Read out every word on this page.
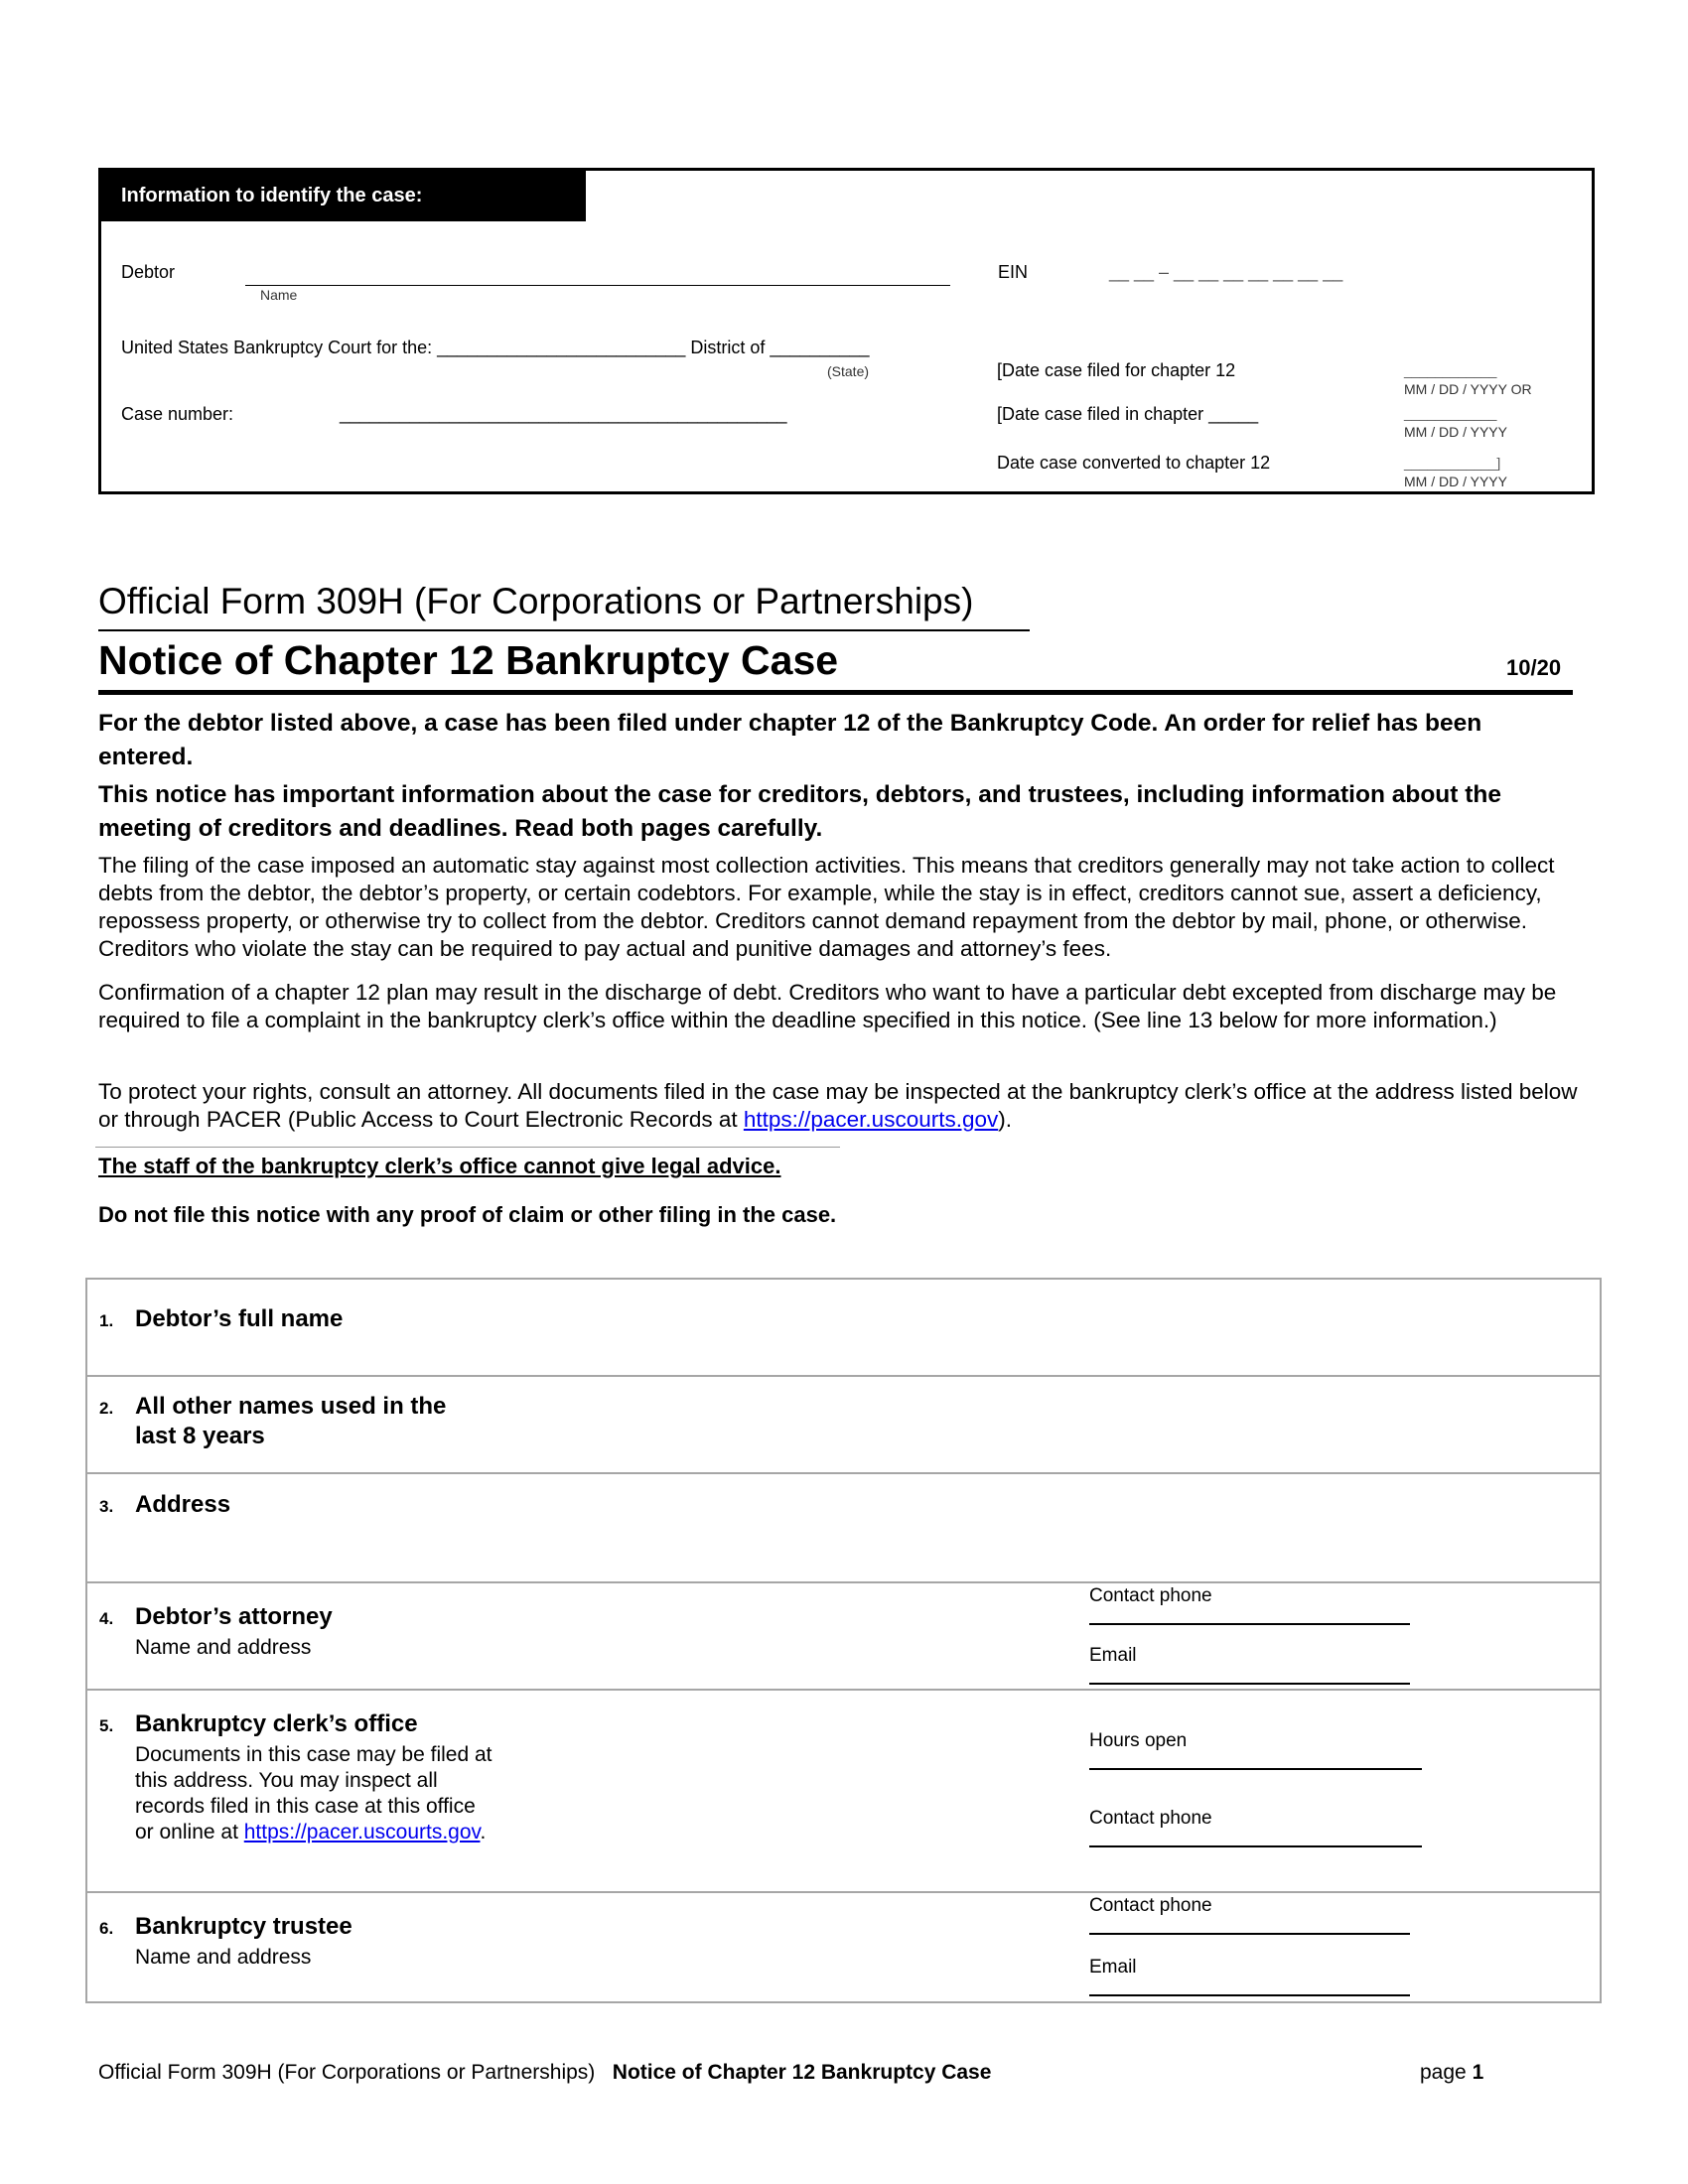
Information to identify the case:
Debtor
Name
EIN	__ __ – __ __ __ __ __ __ __
United States Bankruptcy Court for the: _________________________ District of __________
(State)
Case number:	_____________________________________________
[Date case filed for chapter 12	____________
MM / DD / YYYY OR
[Date case filed in chapter _____	____________
MM / DD / YYYY
Date case converted to chapter 12	____________]
MM / DD / YYYY
Official Form 309H (For Corporations or Partnerships)
Notice of Chapter 12 Bankruptcy Case	10/20
For the debtor listed above, a case has been filed under chapter 12 of the Bankruptcy Code. An order for relief has been entered.
This notice has important information about the case for creditors, debtors, and trustees, including information about the meeting of creditors and deadlines. Read both pages carefully.
The filing of the case imposed an automatic stay against most collection activities. This means that creditors generally may not take action to collect debts from the debtor, the debtor’s property, or certain codebtors. For example, while the stay is in effect, creditors cannot sue, assert a deficiency, repossess property, or otherwise try to collect from the debtor. Creditors cannot demand repayment from the debtor by mail, phone, or otherwise. Creditors who violate the stay can be required to pay actual and punitive damages and attorney’s fees.
Confirmation of a chapter 12 plan may result in the discharge of debt. Creditors who want to have a particular debt excepted from discharge may be required to file a complaint in the bankruptcy clerk’s office within the deadline specified in this notice. (See line 13 below for more information.)
To protect your rights, consult an attorney. All documents filed in the case may be inspected at the bankruptcy clerk’s office at the address listed below or through PACER (Public Access to Court Electronic Records at https://pacer.uscourts.gov).
The staff of the bankruptcy clerk’s office cannot give legal advice.
Do not file this notice with any proof of claim or other filing in the case.
1. Debtor’s full name
2. All other names used in the last 8 years
3. Address
4. Debtor’s attorney
Name and address
Contact phone
Email
5. Bankruptcy clerk’s office
Documents in this case may be filed at this address. You may inspect all records filed in this case at this office or online at https://pacer.uscourts.gov.
Hours open
Contact phone
6. Bankruptcy trustee
Name and address
Contact phone
Email
Official Form 309H (For Corporations or Partnerships) Notice of Chapter 12 Bankruptcy Case	page 1
